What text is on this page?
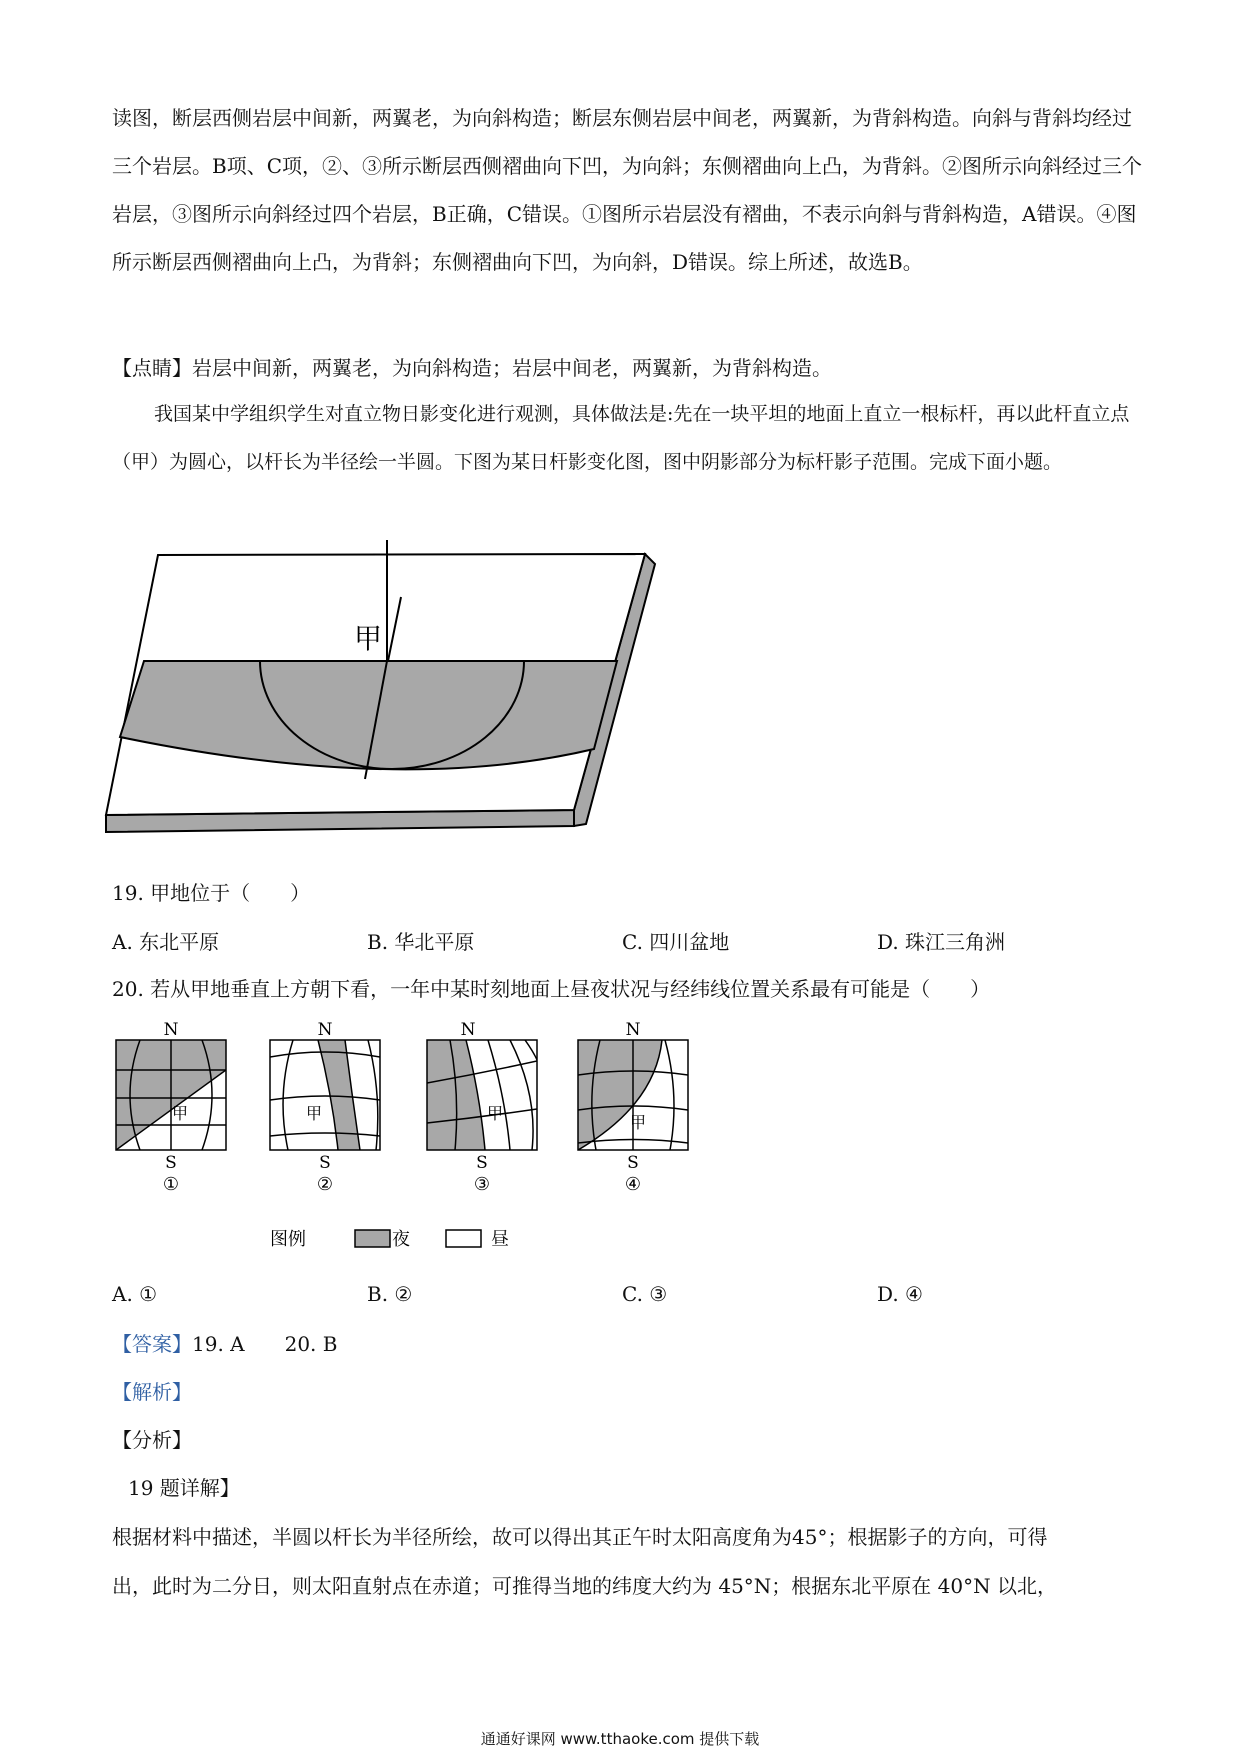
读图，断层西侧岩层中间新，两翼老，为向斜构造；断层东侧岩层中间老，两翼新，为背斜构造。向斜与背斜均经过三个岩层。B项、C项，②、③所示断层西侧褶曲向下凹，为向斜；东侧褶曲向上凸，为背斜。②图所示向斜经过三个岩层，③图所示向斜经过四个岩层，B正确，C错误。①图所示岩层没有褶曲，不表示向斜与背斜构造，A错误。④图所示断层西侧褶曲向上凸，为背斜；东侧褶曲向下凹，为向斜，D错误。综上所述，故选B。

【点睛】岩层中间新，两翼老，为向斜构造；岩层中间老，两翼新，为背斜构造。

我国某中学组织学生对直立物日影变化进行观测，具体做法是:先在一块平坦的地面上直立一根标杆，再以此杆直立点（甲）为圆心，以杆长为半径绘一半圆。下图为某日杆影变化图，图中阴影部分为标杆影子范围。完成下面小题。

甲

19. 甲地位于（　　）

A. 东北平原	B. 华北平原	C. 四川盆地	D. 珠江三角洲

20. 若从甲地垂直上方朝下看，一年中某时刻地面上昼夜状况与经纬线位置关系最有可能是（　　）

N
甲
S
①
N
甲
S
②
N
甲
S
③
N
甲
S
④
图例	夜	昼
A. ①	B. ②	C. ③	D. ④

【答案】19. A　　20. B

【解析】

【分析】

19 题详解】

根据材料中描述，半圆以杆长为半径所绘，故可以得出其正午时太阳高度角为45°；根据影子的方向，可得

出，此时为二分日，则太阳直射点在赤道；可推得当地的纬度大约为 45°N；根据东北平原在 40°N 以北，

通通好课网 www.tthaoke.com 提供下载
